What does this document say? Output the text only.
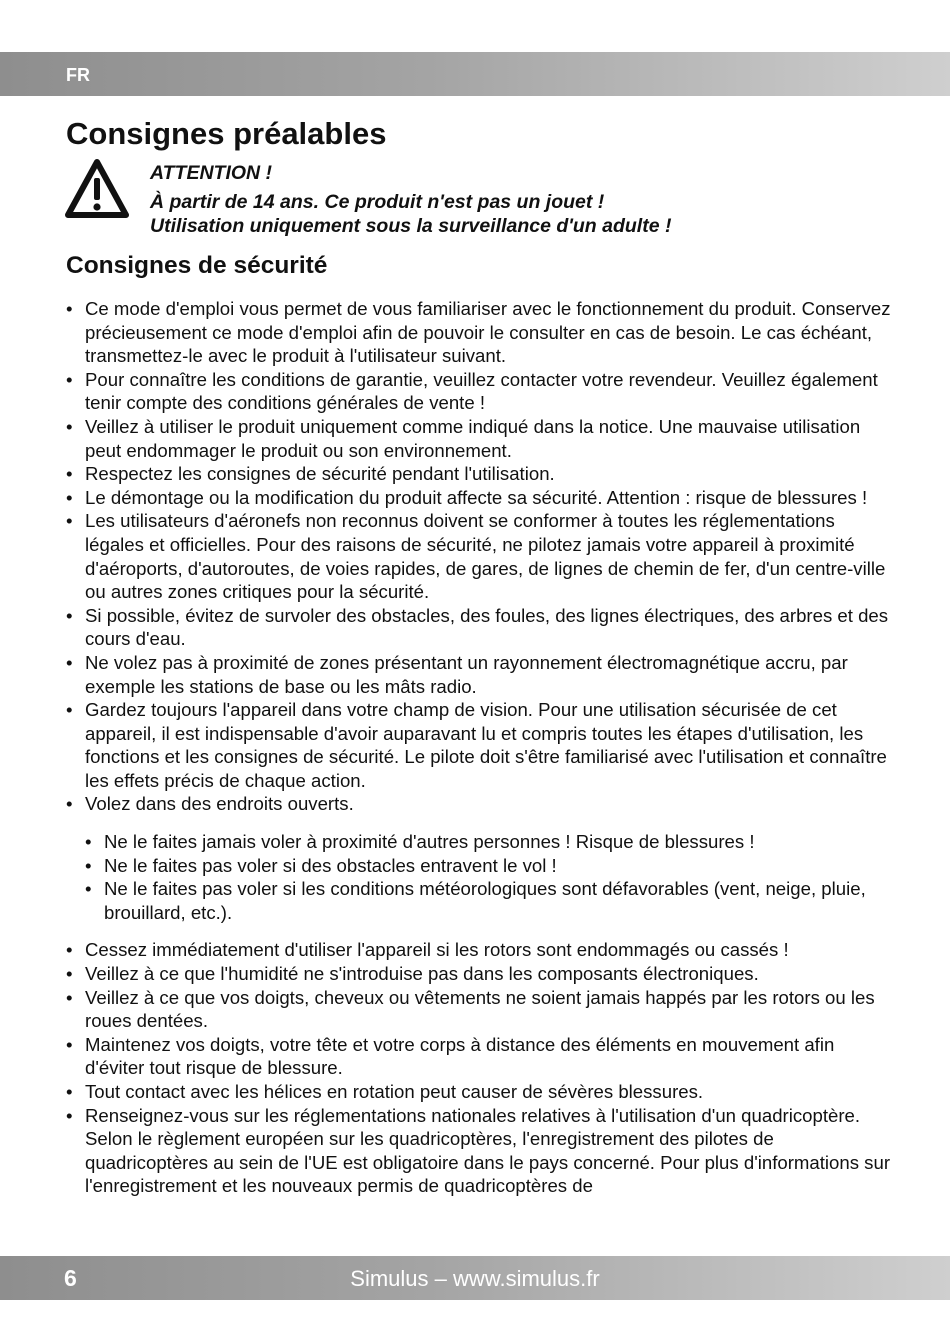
FR
Consignes préalables
ATTENTION !
À partir de 14 ans. Ce produit n'est pas un jouet !
Utilisation uniquement sous la surveillance d'un adulte !
Consignes de sécurité
• Ce mode d'emploi vous permet de vous familiariser avec le fonctionnement du produit. Conservez précieusement ce mode d'emploi afin de pouvoir le consulter en cas de besoin. Le cas échéant, transmettez-le avec le produit à l'utilisateur suivant.
• Pour connaître les conditions de garantie, veuillez contacter votre revendeur. Veuillez également tenir compte des conditions générales de vente !
• Veillez à utiliser le produit uniquement comme indiqué dans la notice. Une mauvaise utilisation peut endommager le produit ou son environnement.
• Respectez les consignes de sécurité pendant l'utilisation.
• Le démontage ou la modification du produit affecte sa sécurité. Attention : risque de blessures !
• Les utilisateurs d'aéronefs non reconnus doivent se conformer à toutes les réglementations légales et officielles. Pour des raisons de sécurité, ne pilotez jamais votre appareil à proximité d'aéroports, d'autoroutes, de voies rapides, de gares, de lignes de chemin de fer, d'un centre-ville ou autres zones critiques pour la sécurité.
• Si possible, évitez de survoler des obstacles, des foules, des lignes électriques, des arbres et des cours d'eau.
• Ne volez pas à proximité de zones présentant un rayonnement électromagnétique accru, par exemple les stations de base ou les mâts radio.
• Gardez toujours l'appareil dans votre champ de vision. Pour une utilisation sécurisée de cet appareil, il est indispensable d'avoir auparavant lu et compris toutes les étapes d'utilisation, les fonctions et les consignes de sécurité. Le pilote doit s'être familiarisé avec l'utilisation et connaître les effets précis de chaque action.
• Volez dans des endroits ouverts.
• Ne le faites jamais voler à proximité d'autres personnes ! Risque de blessures !
• Ne le faites pas voler si des obstacles entravent le vol !
• Ne le faites pas voler si les conditions météorologiques sont défavorables (vent, neige, pluie, brouillard, etc.).
• Cessez immédiatement d'utiliser l'appareil si les rotors sont endommagés ou cassés !
• Veillez à ce que l'humidité ne s'introduise pas dans les composants électroniques.
• Veillez à ce que vos doigts, cheveux ou vêtements ne soient jamais happés par les rotors ou les roues dentées.
• Maintenez vos doigts, votre tête et votre corps à distance des éléments en mouvement afin d'éviter tout risque de blessure.
• Tout contact avec les hélices en rotation peut causer de sévères blessures.
• Renseignez-vous sur les réglementations nationales relatives à l'utilisation d'un quadricoptère. Selon le règlement européen sur les quadricoptères, l'enregistrement des pilotes de quadricoptères au sein de l'UE est obligatoire dans le pays concerné. Pour plus d'informations sur l'enregistrement et les nouveaux permis de quadricoptères de
6	Simulus – www.simulus.fr
